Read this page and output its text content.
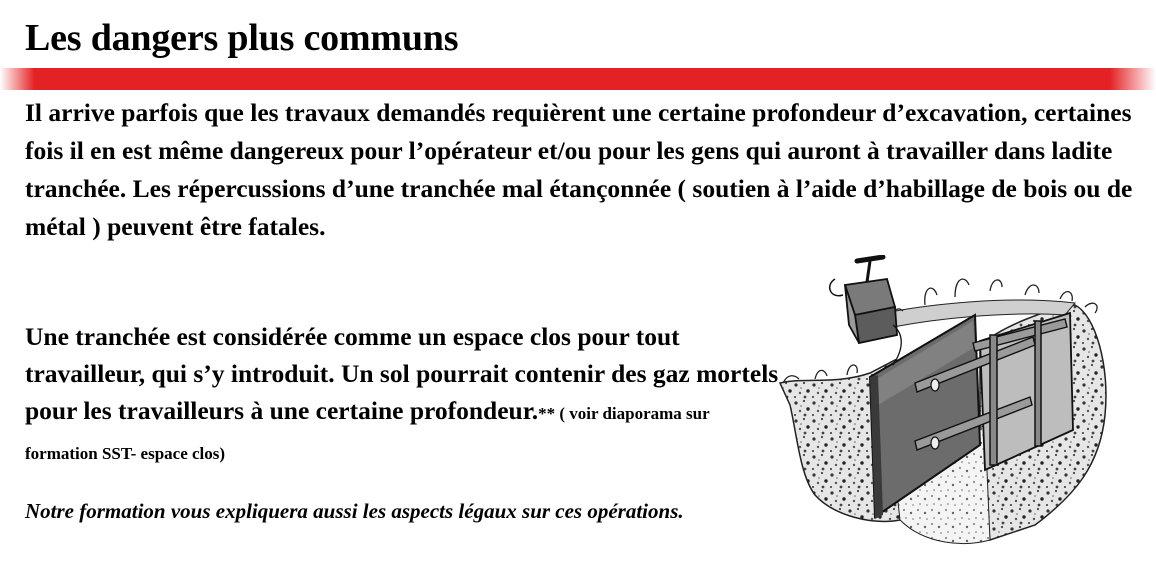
Les dangers plus communs

Il arrive parfois que les travaux demandés requièrent une certaine profondeur d’excavation, certaines fois il en est même dangereux pour l’opérateur et/ou pour les gens qui auront à travailler dans ladite tranchée. Les répercussions d’une tranchée mal étançonnée ( soutien à l’aide d’habillage de bois ou de métal ) peuvent être fatales.

Une tranchée est considérée comme un espace clos pour tout travailleur, qui s’y introduit. Un sol pourrait contenir des gaz mortels pour les travailleurs à une certaine profondeur.** ( voir diaporama sur formation SST- espace clos)

Notre formation vous expliquera aussi les aspects légaux sur ces opérations.
